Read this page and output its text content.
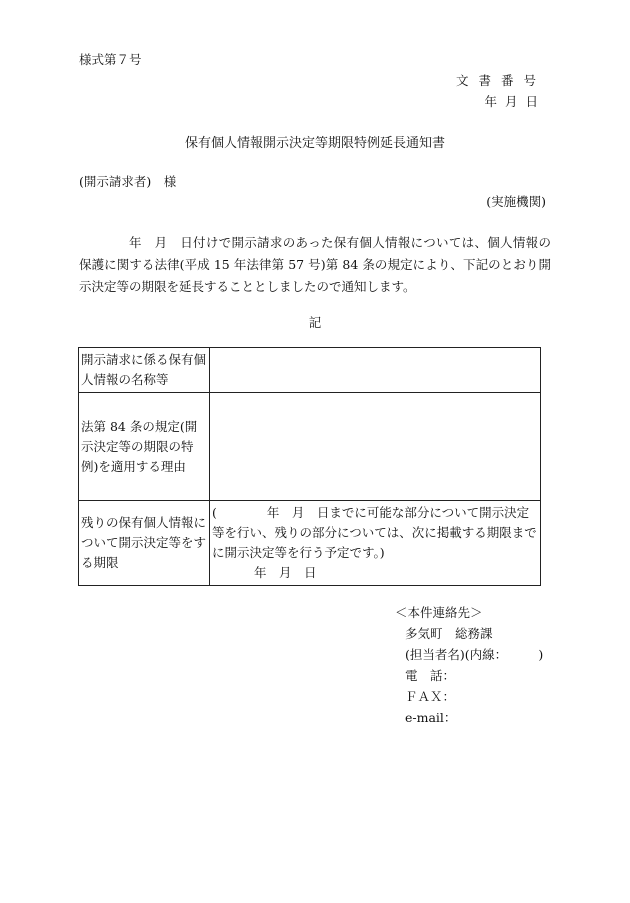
様式第７号
文書番号
年月日
保有個人情報開示決定等期限特例延長通知書
(開示請求者)　様
(実施機関)

年　月　日付けで開示請求のあった保有個人情報については、個人情報の保護に関する法律(平成 15 年法律第 57 号)第 84 条の規定により、下記のとおり開示決定等の期限を延長することとしましたので通知します。

記
開示請求に係る保有個人情報の名称等	
法第 84 条の規定(開示決定等の期限の特例)を適用する理由	
残りの保有個人情報について開示決定等をする期限	(　　　　年　月　日までに可能な部分について開示決定等を行い、残りの部分については、次に掲載する期限までに開示決定等を行う予定です。)
年　月　日
＜本件連絡先＞
多気町　総務課
(担当者名)(内線：　　　)
電　話：
ＦＡＸ：
e-mail：
